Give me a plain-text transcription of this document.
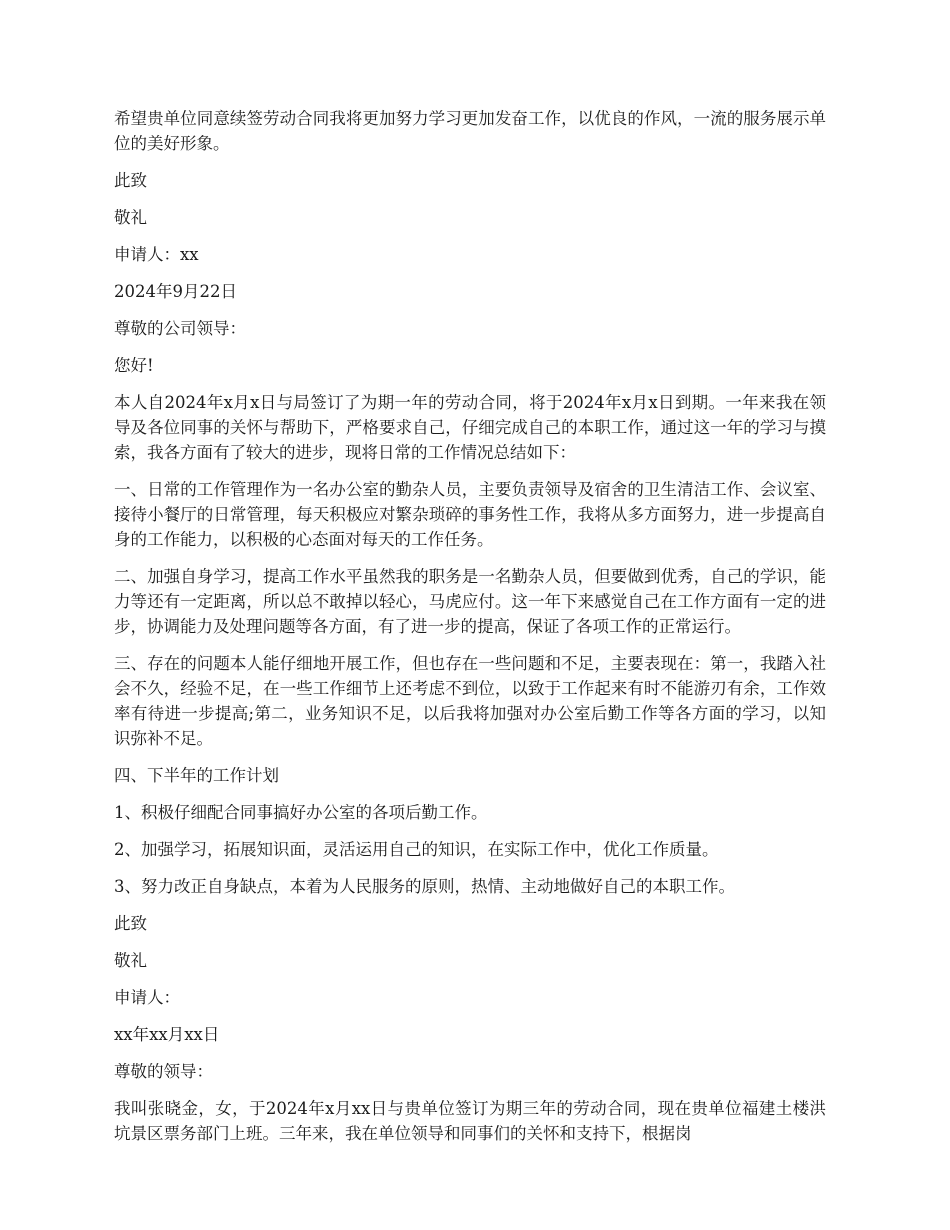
希望贵单位同意续签劳动合同我将更加努力学习更加发奋工作，以优良的作风，一流的服务展示单位的美好形象。

此致

敬礼

申请人：xx

2024年9月22日

尊敬的公司领导：

您好!

本人自2024年x月x日与局签订了为期一年的劳动合同，将于2024年x月x日到期。一年来我在领导及各位同事的关怀与帮助下，严格要求自己，仔细完成自己的本职工作，通过这一年的学习与摸索，我各方面有了较大的进步，现将日常的工作情况总结如下：

一、日常的工作管理作为一名办公室的勤杂人员，主要负责领导及宿舍的卫生清洁工作、会议室、接待小餐厅的日常管理，每天积极应对繁杂琐碎的事务性工作，我将从多方面努力，进一步提高自身的工作能力，以积极的心态面对每天的工作任务。

二、加强自身学习，提高工作水平虽然我的职务是一名勤杂人员，但要做到优秀，自己的学识，能力等还有一定距离，所以总不敢掉以轻心，马虎应付。这一年下来感觉自己在工作方面有一定的进步，协调能力及处理问题等各方面，有了进一步的提高，保证了各项工作的正常运行。

三、存在的问题本人能仔细地开展工作，但也存在一些问题和不足，主要表现在：第一，我踏入社会不久，经验不足，在一些工作细节上还考虑不到位，以致于工作起来有时不能游刃有余，工作效率有待进一步提高;第二，业务知识不足，以后我将加强对办公室后勤工作等各方面的学习，以知识弥补不足。

四、下半年的工作计划

1、积极仔细配合同事搞好办公室的各项后勤工作。

2、加强学习，拓展知识面，灵活运用自己的知识，在实际工作中，优化工作质量。

3、努力改正自身缺点，本着为人民服务的原则，热情、主动地做好自己的本职工作。

此致

敬礼

申请人：

xx年xx月xx日

尊敬的领导：

我叫张晓金，女，于2024年x月xx日与贵单位签订为期三年的劳动合同，现在贵单位福建土楼洪坑景区票务部门上班。三年来，我在单位领导和同事们的关怀和支持下，根据岗
